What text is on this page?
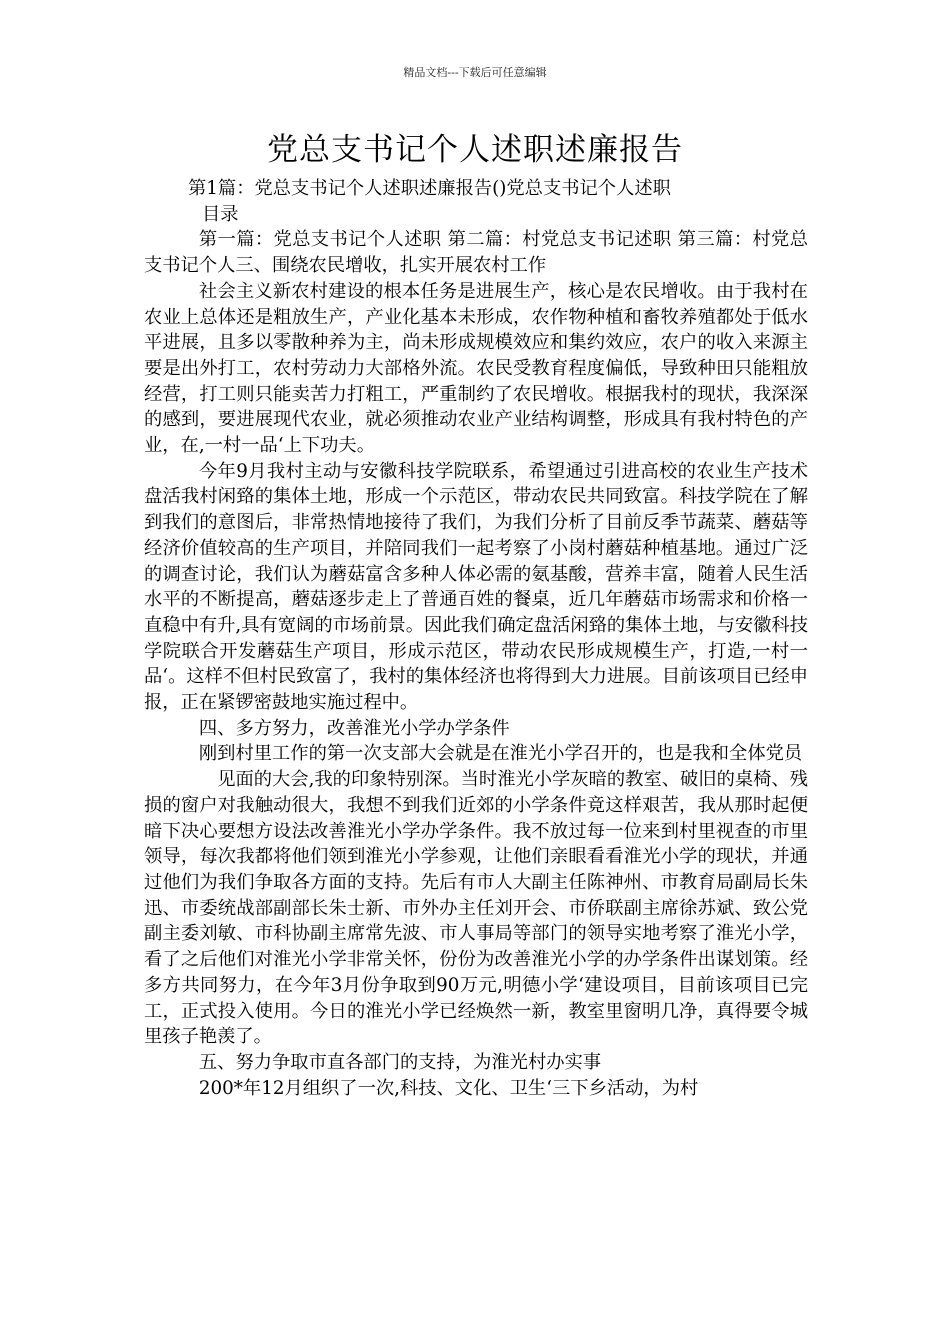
精品文档---下载后可任意编辑
党总支书记个人述职述廉报告

第1篇：党总支书记个人述职述廉报告()党总支书记个人述职

目录

第一篇：党总支书记个人述职 第二篇：村党总支书记述职 第三篇：村党总支书记个人三、围绕农民增收，扎实开展农村工作

社会主义新农村建设的根本任务是进展生产，核心是农民增收。由于我村在农业上总体还是粗放生产，产业化基本未形成，农作物种植和畜牧养殖都处于低水平进展，且多以零散种养为主，尚未形成规模效应和集约效应，农户的收入来源主要是出外打工，农村劳动力大部格外流。农民受教育程度偏低，导致种田只能粗放经营，打工则只能卖苦力打粗工，严重制约了农民增收。根据我村的现状，我深深的感到，要进展现代农业，就必须推动农业产业结构调整，形成具有我村特色的产业，在,一村一品‘上下功夫。

今年9月我村主动与安徽科技学院联系，希望通过引进高校的农业生产技术盘活我村闲臵的集体土地，形成一个示范区，带动农民共同致富。科技学院在了解到我们的意图后，非常热情地接待了我们，为我们分析了目前反季节蔬菜、蘑菇等经济价值较高的生产项目，并陪同我们一起考察了小岗村蘑菇种植基地。通过广泛的调查讨论，我们认为蘑菇富含多种人体必需的氨基酸，营养丰富，随着人民生活水平的不断提高，蘑菇逐步走上了普通百姓的餐桌，近几年蘑菇市场需求和价格一直稳中有升,具有宽阔的市场前景。因此我们确定盘活闲臵的集体土地，与安徽科技学院联合开发蘑菇生产项目，形成示范区，带动农民形成规模生产，打造,一村一品‘。这样不但村民致富了，我村的集体经济也将得到大力进展。目前该项目已经申报，正在紧锣密鼓地实施过程中。

四、多方努力，改善淮光小学办学条件

刚到村里工作的第一次支部大会就是在淮光小学召开的，也是我和全体党员

见面的大会,我的印象特别深。当时淮光小学灰暗的教室、破旧的桌椅、残损的窗户对我触动很大，我想不到我们近郊的小学条件竟这样艰苦，我从那时起便暗下决心要想方设法改善淮光小学办学条件。我不放过每一位来到村里视查的市里领导，每次我都将他们领到淮光小学参观，让他们亲眼看看淮光小学的现状，并通过他们为我们争取各方面的支持。先后有市人大副主任陈神州、市教育局副局长朱迅、市委统战部副部长朱士新、市外办主任刘开会、市侨联副主席徐苏斌、致公党副主委刘敏、市科协副主席常先波、市人事局等部门的领导实地考察了淮光小学，看了之后他们对淮光小学非常关怀，份份为改善淮光小学的办学条件出谋划策。经多方共同努力，在今年3月份争取到90万元,明德小学‘建设项目，目前该项目已完工，正式投入使用。今日的淮光小学已经焕然一新，教室里窗明几净，真得要令城里孩子艳羡了。

五、努力争取市直各部门的支持，为淮光村办实事

200*年12月组织了一次,科技、文化、卫生‘三下乡活动，为村
